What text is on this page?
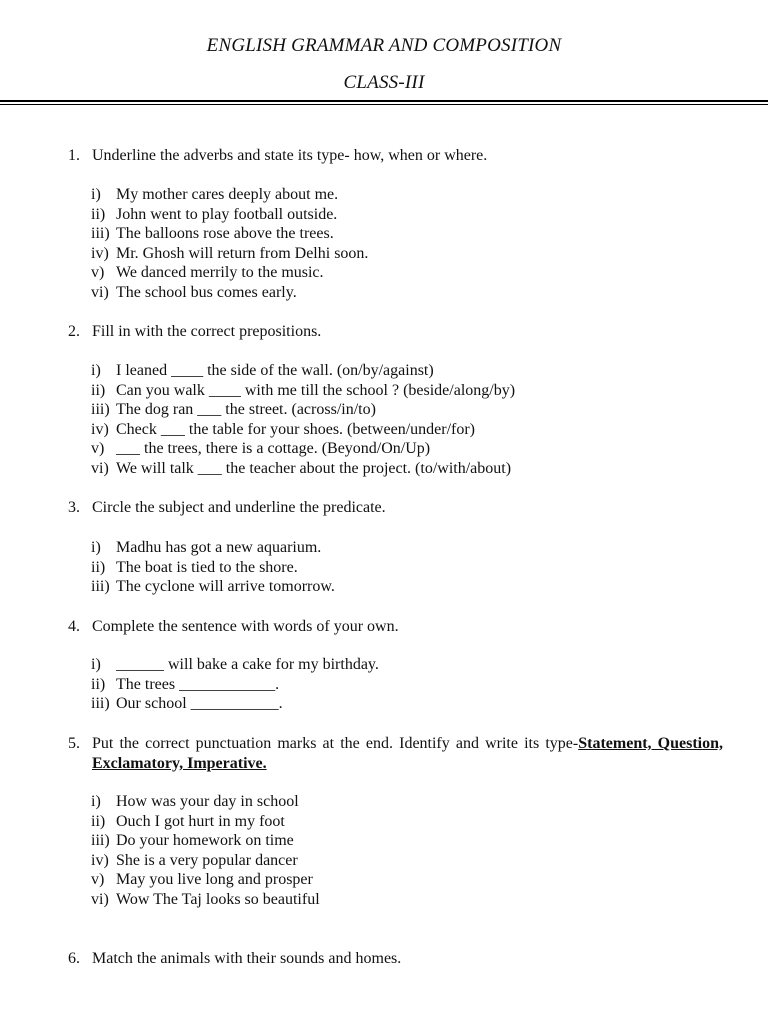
ENGLISH GRAMMAR AND COMPOSITION
CLASS-III
1. Underline the adverbs and state its type- how, when or where.
i) My mother cares deeply about me.
ii) John went to play football outside.
iii) The balloons rose above the trees.
iv) Mr. Ghosh will return from Delhi soon.
v) We danced merrily to the music.
vi) The school bus comes early.
2. Fill in with the correct prepositions.
i) I leaned ____ the side of the wall. (on/by/against)
ii) Can you walk ____ with me till the school ? (beside/along/by)
iii) The dog ran ___ the street. (across/in/to)
iv) Check ___ the table for your shoes. (between/under/for)
v) ___ the trees, there is a cottage. (Beyond/On/Up)
vi) We will talk ___ the teacher about the project. (to/with/about)
3. Circle the subject and underline the predicate.
i) Madhu has got a new aquarium.
ii) The boat is tied to the shore.
iii) The cyclone will arrive tomorrow.
4. Complete the sentence with words of your own.
i) ______ will bake a cake for my birthday.
ii) The trees ____________.
iii) Our school ___________.
5. Put the correct punctuation marks at the end. Identify and write its type-Statement, Question, Exclamatory, Imperative.
i) How was your day in school
ii) Ouch I got hurt in my foot
iii) Do your homework on time
iv) She is a very popular dancer
v) May you live long and prosper
vi) Wow The Taj looks so beautiful
6. Match the animals with their sounds and homes.
